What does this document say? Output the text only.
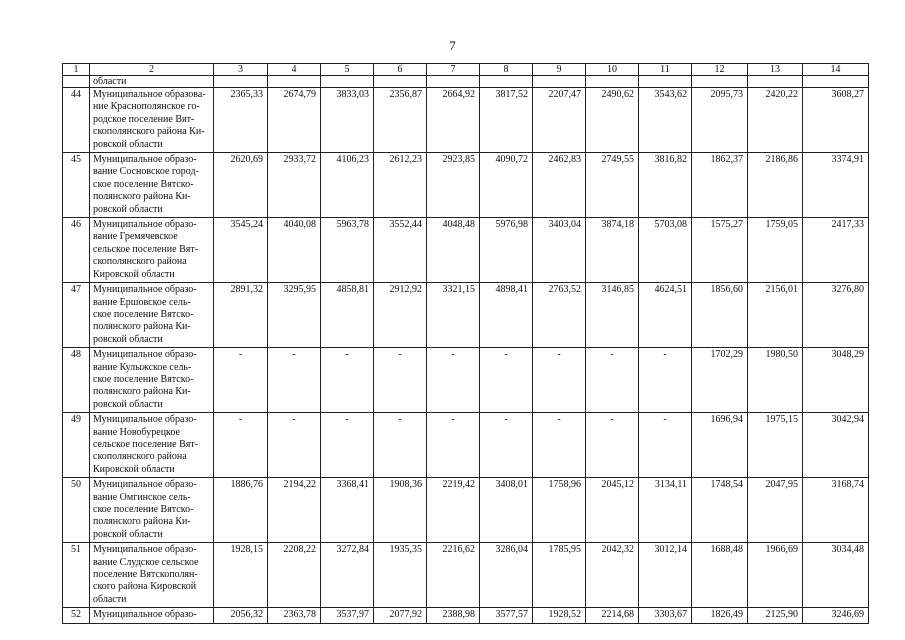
7
1	2	3	4	5	6	7	8	9	10	11	12	13	14
	области												
44	Муниципальное образова-
ние Краснополянское го-
родское поселение Вят-
скополянского района Ки-
ровской области	2365,33	2674,79	3833,03	2356,87	2664,92	3817,52	2207,47	2490,62	3543,62	2095,73	2420,22	3608,27
45	Муниципальное образо-
вание Сосновское город-
ское поселение Вятско-
полянского района Ки-
ровской области	2620,69	2933,72	4106,23	2612,23	2923,85	4090,72	2462,83	2749,55	3816,82	1862,37	2186,86	3374,91
46	Муниципальное образо-
вание Гремячевское
сельское поселение Вят-
скополянского района
Кировской области	3545,24	4040,08	5963,78	3552,44	4048,48	5976,98	3403,04	3874,18	5703,08	1575,27	1759,05	2417,33
47	Муниципальное образо-
вание Ершовское сель-
ское поселение Вятско-
полянского района Ки-
ровской области	2891,32	3295,95	4858,81	2912,92	3321,15	4898,41	2763,52	3146,85	4624,51	1856,60	2156,01	3276,80
48	Муниципальное образо-
вание Кулыжское сель-
ское поселение Вятско-
полянского района Ки-
ровской области	-	-	-	-	-	-	-	-	-	1702,29	1980,50	3048,29
49	Муниципальное образо-
вание Новобурецкое
сельское поселение Вят-
скополянского района
Кировской области	-	-	-	-	-	-	-	-	-	1696,94	1975,15	3042,94
50	Муниципальное образо-
вание Омгинское сель-
ское поселение Вятско-
полянского района Ки-
ровской области	1886,76	2194,22	3368,41	1908,36	2219,42	3408,01	1758,96	2045,12	3134,11	1748,54	2047,95	3168,74
51	Муниципальное образо-
вание Слудское сельское
поселение Вятскополян-
ского района Кировской
области	1928,15	2208,22	3272,84	1935,35	2216,62	3286,04	1785,95	2042,32	3012,14	1688,48	1966,69	3034,48
52	Муниципальное образо-	2056,32	2363,78	3537,97	2077,92	2388,98	3577,57	1928,52	2214,68	3303,67	1826,49	2125,90	3246,69
